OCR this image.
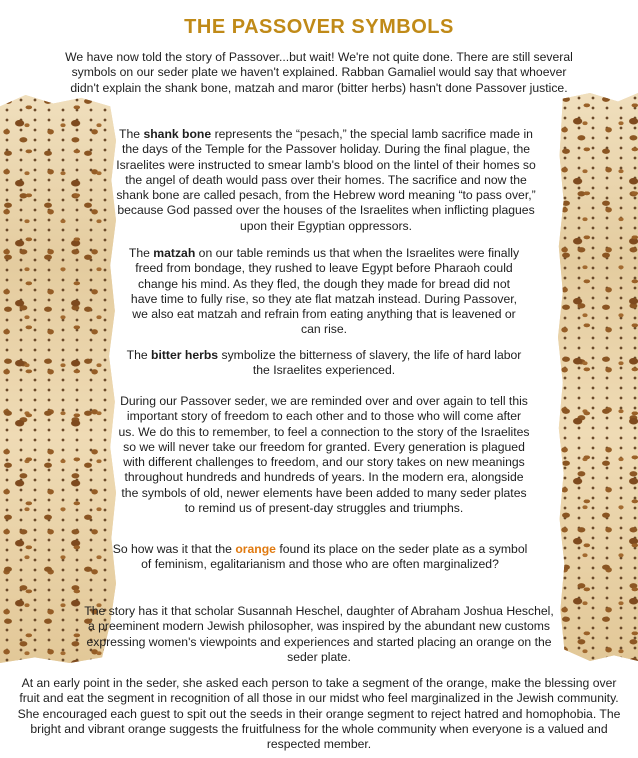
THE PASSOVER SYMBOLS

We have now told the story of Passover...but wait! We're not quite done. There are still several symbols on our seder plate we haven't explained. Rabban Gamaliel would say that whoever didn't explain the shank bone, matzah and maror (bitter herbs) hasn't done Passover justice.

The shank bone represents the “pesach,” the special lamb sacrifice made in the days of the Temple for the Passover holiday. During the final plague, the Israelites were instructed to smear lamb's blood on the lintel of their homes so the angel of death would pass over their homes. The sacrifice and now the shank bone are called pesach, from the Hebrew word meaning “to pass over,” because God passed over the houses of the Israelites when inflicting plagues upon their Egyptian oppressors.

The matzah on our table reminds us that when the Israelites were finally freed from bondage, they rushed to leave Egypt before Pharaoh could change his mind. As they fled, the dough they made for bread did not have time to fully rise, so they ate flat matzah instead. During Passover, we also eat matzah and refrain from eating anything that is leavened or can rise.

The bitter herbs symbolize the bitterness of slavery, the life of hard labor the Israelites experienced.

During our Passover seder, we are reminded over and over again to tell this important story of freedom to each other and to those who will come after us. We do this to remember, to feel a connection to the story of the Israelites so we will never take our freedom for granted. Every generation is plagued with different challenges to freedom, and our story takes on new meanings throughout hundreds and hundreds of years. In the modern era, alongside the symbols of old, newer elements have been added to many seder plates to remind us of present-day struggles and triumphs.

So how was it that the orange found its place on the seder plate as a symbol of feminism, egalitarianism and those who are often marginalized?

The story has it that scholar Susannah Heschel, daughter of Abraham Joshua Heschel, a preeminent modern Jewish philosopher, was inspired by the abundant new customs expressing women's viewpoints and experiences and started placing an orange on the seder plate.

At an early point in the seder, she asked each person to take a segment of the orange, make the blessing over fruit and eat the segment in recognition of all those in our midst who feel marginalized in the Jewish community. She encouraged each guest to spit out the seeds in their orange segment to reject hatred and homophobia. The bright and vibrant orange suggests the fruitfulness for the whole community when everyone is a valued and respected member.
